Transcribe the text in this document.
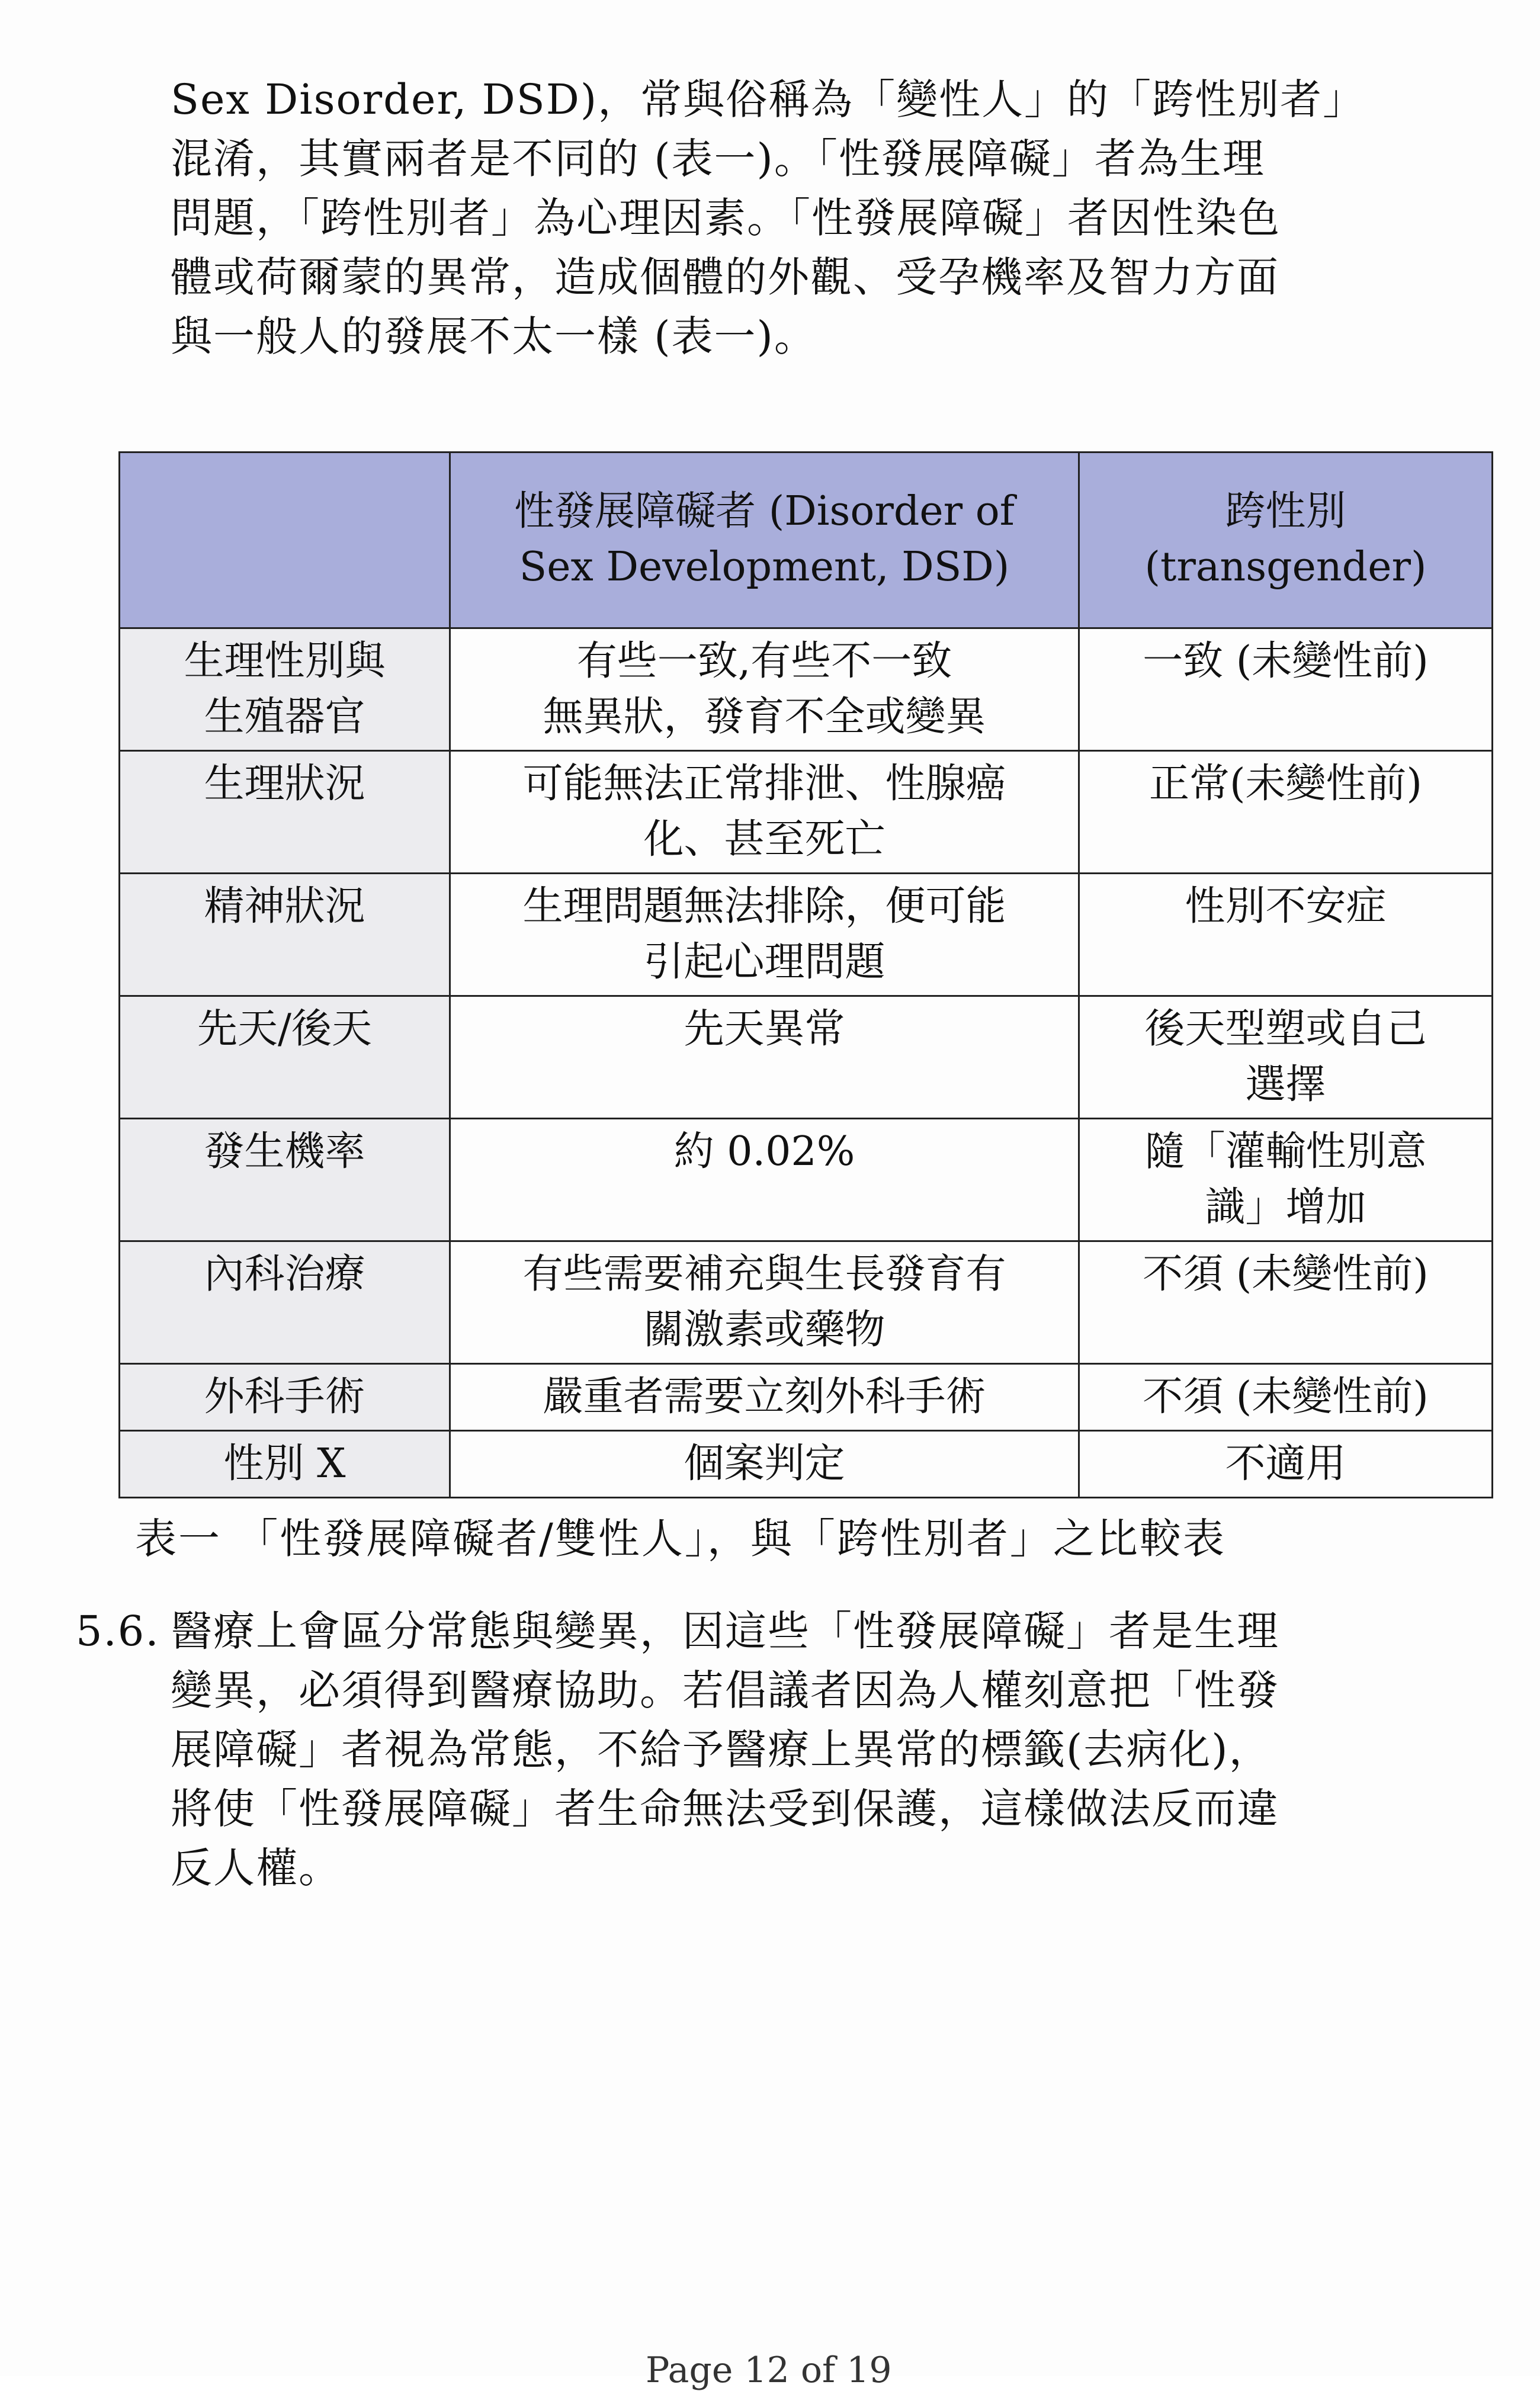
Sex Disorder, DSD)，常與俗稱為「變性人」的「跨性別者」
混淆，其實兩者是不同的 (表一)。「性發展障礙」者為生理
問題，「跨性別者」為心理因素。「性發展障礙」者因性染色
體或荷爾蒙的異常，造成個體的外觀、受孕機率及智力方面
與一般人的發展不太一樣 (表一)。

	性發展障礙者 (Disorder of
Sex Development, DSD)	跨性別
(transgender)

生理性別與
生殖器官	有些一致,有些不一致
無異狀，發育不全或變異	一致 (未變性前)

生理狀況	可能無法正常排泄、性腺癌
化、甚至死亡	正常(未變性前)

精神狀況	生理問題無法排除，便可能
引起心理問題	性別不安症

先天/後天	先天異常	後天型塑或自己
選擇

發生機率	約 0.02%	隨「灌輸性別意
識」增加

內科治療	有些需要補充與生長發育有
關激素或藥物	不須 (未變性前)

外科手術	嚴重者需要立刻外科手術	不須 (未變性前)

性別 X	個案判定	不適用
表一 「性發展障礙者/雙性人」，與「跨性別者」之比較表
5.6. 醫療上會區分常態與變異，因這些「性發展障礙」者是生理
變異，必須得到醫療協助。若倡議者因為人權刻意把「性發
展障礙」者視為常態，不給予醫療上異常的標籤(去病化)，
將使「性發展障礙」者生命無法受到保護，這樣做法反而違
反人權。
Page 12 of 19
